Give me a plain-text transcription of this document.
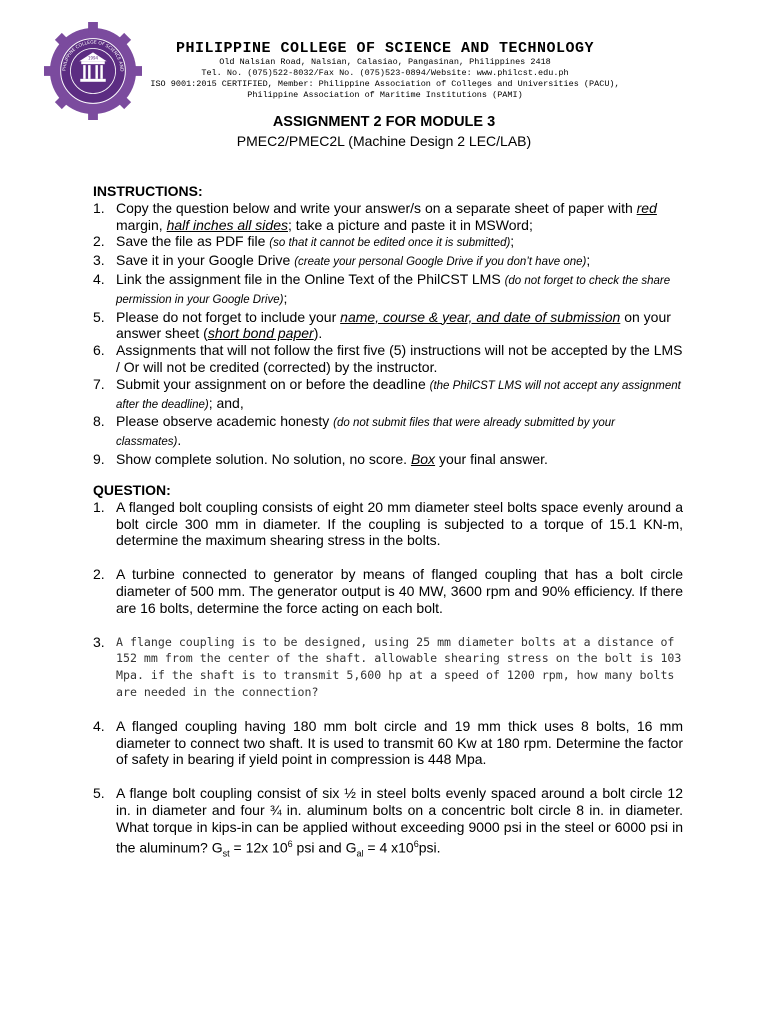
PHILIPPINE COLLEGE OF SCIENCE AND
1994
PHILIPPINE COLLEGE OF SCIENCE AND TECHNOLOGY
Old Nalsian Road, Nalsian, Calasiao, Pangasinan, Philippines 2418
Tel. No. (075)522-8032/Fax No. (075)523-0894/Website: www.philcst.edu.ph
ISO 9001:2015 CERTIFIED, Member: Philippine Association of Colleges and Universities (PACU),
Philippine Association of Maritime Institutions (PAMI)
ASSIGNMENT 2 FOR MODULE 3
PMEC2/PMEC2L (Machine Design 2 LEC/LAB)
INSTRUCTIONS:
1. Copy the question below and write your answer/s on a separate sheet of paper with red margin, half inches all sides; take a picture and paste it in MSWord;
2. Save the file as PDF file (so that it cannot be edited once it is submitted);
3. Save it in your Google Drive (create your personal Google Drive if you don’t have one);
4. Link the assignment file in the Online Text of the PhilCST LMS (do not forget to check the share permission in your Google Drive);
5. Please do not forget to include your name, course & year, and date of submission on your answer sheet (short bond paper).
6. Assignments that will not follow the first five (5) instructions will not be accepted by the LMS / Or will not be credited (corrected) by the instructor.
7. Submit your assignment on or before the deadline (the PhilCST LMS will not accept any assignment after the deadline); and,
8. Please observe academic honesty (do not submit files that were already submitted by your classmates).
9. Show complete solution. No solution, no score. Box your final answer.
QUESTION:
1. A flanged bolt coupling consists of eight 20 mm diameter steel bolts space evenly around a bolt circle 300 mm in diameter. If the coupling is subjected to a torque of 15.1 KN-m, determine the maximum shearing stress in the bolts.
2. A turbine connected to generator by means of flanged coupling that has a bolt circle diameter of 500 mm. The generator output is 40 MW, 3600 rpm and 90% efficiency. If there are 16 bolts, determine the force acting on each bolt.
3. A flange coupling is to be designed, using 25 mm diameter bolts at a distance of 152 mm from the center of the shaft. allowable shearing stress on the bolt is 103 Mpa. if the shaft is to transmit 5,600 hp at a speed of 1200 rpm, how many bolts are needed in the connection?
4. A flanged coupling having 180 mm bolt circle and 19 mm thick uses 8 bolts, 16 mm diameter to connect two shaft. It is used to transmit 60 Kw at 180 rpm. Determine the factor of safety in bearing if yield point in compression is 448 Mpa.
5. A flange bolt coupling consist of six ½ in steel bolts evenly spaced around a bolt circle 12 in. in diameter and four ¾ in. aluminum bolts on a concentric bolt circle 8 in. in diameter. What torque in kips-in can be applied without exceeding 9000 psi in the steel or 6000 psi in the aluminum? $G_{st} = 12x$ $10^6$ psi and $G_{al} = 4$ $x10^6psi$.
